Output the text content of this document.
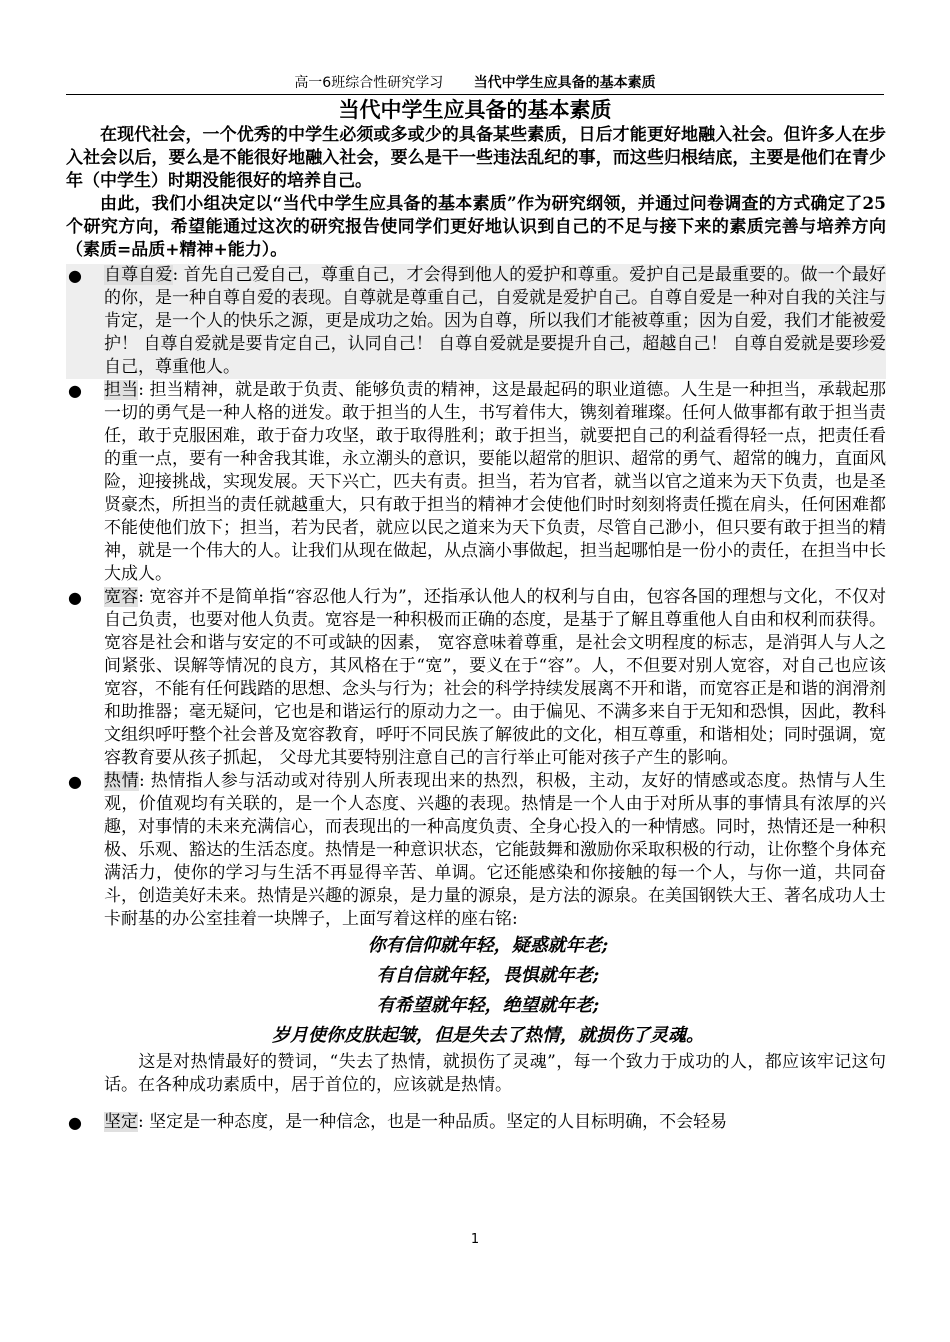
高一6班综合性研究学习 当代中学生应具备的基本素质
当代中学生应具备的基本素质

在现代社会，一个优秀的中学生必须或多或少的具备某些素质，日后才能更好地融入社会。但许多人在步入社会以后，要么是不能很好地融入社会，要么是干一些违法乱纪的事，而这些归根结底，主要是他们在青少年（中学生）时期没能很好的培养自己。

由此，我们小组决定以“当代中学生应具备的基本素质”作为研究纲领，并通过问卷调查的方式确定了25个研究方向，希望能通过这次的研究报告使同学们更好地认识到自己的不足与接下来的素质完善与培养方向（素质=品质+精神+能力）。

● 自尊自爱: 首先自己爱自己，尊重自己，才会得到他人的爱护和尊重。爱护自己是最重要的。做一个最好的你，是一种自尊自爱的表现。自尊就是尊重自己，自爱就是爱护自己。自尊自爱是一种对自我的关注与肯定，是一个人的快乐之源，更是成功之始。因为自尊，所以我们才能被尊重；因为自爱，我们才能被爱护！ 自尊自爱就是要肯定自己，认同自己！ 自尊自爱就是要提升自己，超越自己！ 自尊自爱就是要珍爱自己，尊重他人。
● 担当: 担当精神，就是敢于负责、能够负责的精神，这是最起码的职业道德。人生是一种担当，承载起那一切的勇气是一种人格的迸发。敢于担当的人生，书写着伟大，镌刻着璀璨。任何人做事都有敢于担当责任，敢于克服困难，敢于奋力攻坚，敢于取得胜利；敢于担当，就要把自己的利益看得轻一点，把责任看的重一点，要有一种舍我其谁，永立潮头的意识，要能以超常的胆识、超常的勇气、超常的魄力，直面风险，迎接挑战，实现发展。天下兴亡，匹夫有责。担当，若为官者，就当以官之道来为天下负责，也是圣贤豪杰，所担当的责任就越重大，只有敢于担当的精神才会使他们时时刻刻将责任揽在肩头，任何困难都不能使他们放下；担当，若为民者，就应以民之道来为天下负责，尽管自己渺小，但只要有敢于担当的精神，就是一个伟大的人。让我们从现在做起，从点滴小事做起，担当起哪怕是一份小的责任，在担当中长大成人。
● 宽容: 宽容并不是简单指“容忍他人行为”，还指承认他人的权利与自由，包容各国的理想与文化，不仅对自己负责，也要对他人负责。宽容是一种积极而正确的态度，是基于了解且尊重他人自由和权利而获得。宽容是社会和谐与安定的不可或缺的因素， 宽容意味着尊重，是社会文明程度的标志，是消弭人与人之间紧张、误解等情况的良方，其风格在于“宽”，要义在于“容”。人，不但要对别人宽容，对自己也应该宽容，不能有任何践踏的思想、念头与行为；社会的科学持续发展离不开和谐，而宽容正是和谐的润滑剂和助推器；毫无疑问，它也是和谐运行的原动力之一。由于偏见、不满多来自于无知和恐惧，因此，教科文组织呼吁整个社会普及宽容教育，呼吁不同民族了解彼此的文化，相互尊重，和谐相处；同时强调，宽容教育要从孩子抓起， 父母尤其要特别注意自己的言行举止可能对孩子产生的影响。
● 热情: 热情指人参与活动或对待别人所表现出来的热烈，积极，主动，友好的情感或态度。热情与人生观，价值观均有关联的，是一个人态度、兴趣的表现。热情是一个人由于对所从事的事情具有浓厚的兴趣，对事情的未来充满信心，而表现出的一种高度负责、全身心投入的一种情感。同时，热情还是一种积极、乐观、豁达的生活态度。热情是一种意识状态，它能鼓舞和激励你采取积极的行动，让你整个身体充满活力，使你的学习与生活不再显得辛苦、单调。它还能感染和你接触的每一个人，与你一道，共同奋斗，创造美好未来。热情是兴趣的源泉，是力量的源泉，是方法的源泉。在美国钢铁大王、著名成功人士卡耐基的办公室挂着一块牌子，上面写着这样的座右铭:
你有信仰就年轻，疑惑就年老;
有自信就年轻，畏惧就年老;
有希望就年轻，绝望就年老;
岁月使你皮肤起皱，但是失去了热情，就损伤了灵魂。

这是对热情最好的赞词，“失去了热情，就损伤了灵魂”，每一个致力于成功的人，都应该牢记这句话。在各种成功素质中，居于首位的，应该就是热情。

● 坚定: 坚定是一种态度，是一种信念，也是一种品质。坚定的人目标明确，不会轻易
1
